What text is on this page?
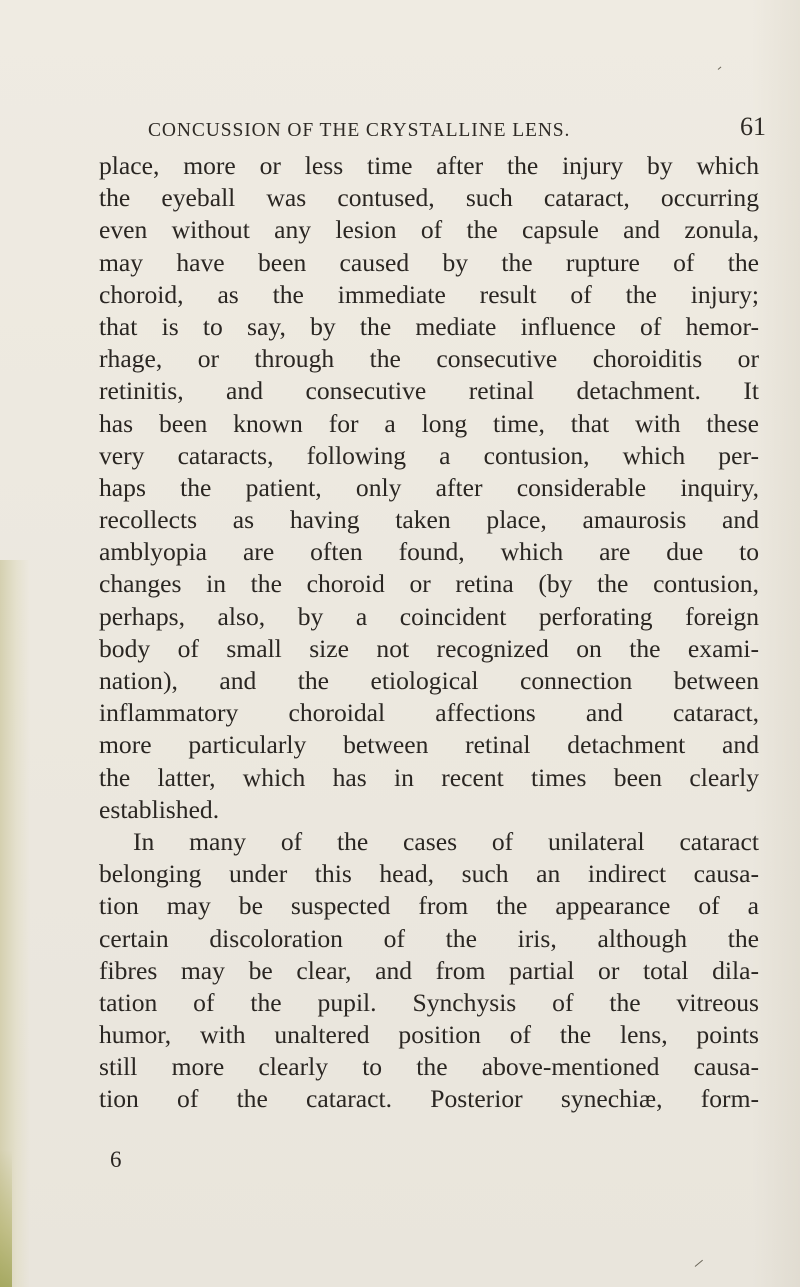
CONCUSSION OF THE CRYSTALLINE LENS.	61
place, more or less time after the injury by which
the eyeball was contused, such cataract, occurring
even without any lesion of the capsule and zonula,
may have been caused by the rupture of the
choroid, as the immediate result of the injury;
that is to say, by the mediate influence of hemor-
rhage, or through the consecutive choroiditis or
retinitis, and consecutive retinal detachment. It
has been known for a long time, that with these
very cataracts, following a contusion, which per-
haps the patient, only after considerable inquiry,
recollects as having taken place, amaurosis and
amblyopia are often found, which are due to
changes in the choroid or retina (by the contusion,
perhaps, also, by a coincident perforating foreign
body of small size not recognized on the exami-
nation), and the etiological connection between
inflammatory choroidal affections and cataract,
more particularly between retinal detachment and
the latter, which has in recent times been clearly
established.
In many of the cases of unilateral cataract
belonging under this head, such an indirect causa-
tion may be suspected from the appearance of a
certain discoloration of the iris, although the
fibres may be clear, and from partial or total dila-
tation of the pupil. Synchysis of the vitreous
humor, with unaltered position of the lens, points
still more clearly to the above-mentioned causa-
tion of the cataract. Posterior synechiæ, form-
6
